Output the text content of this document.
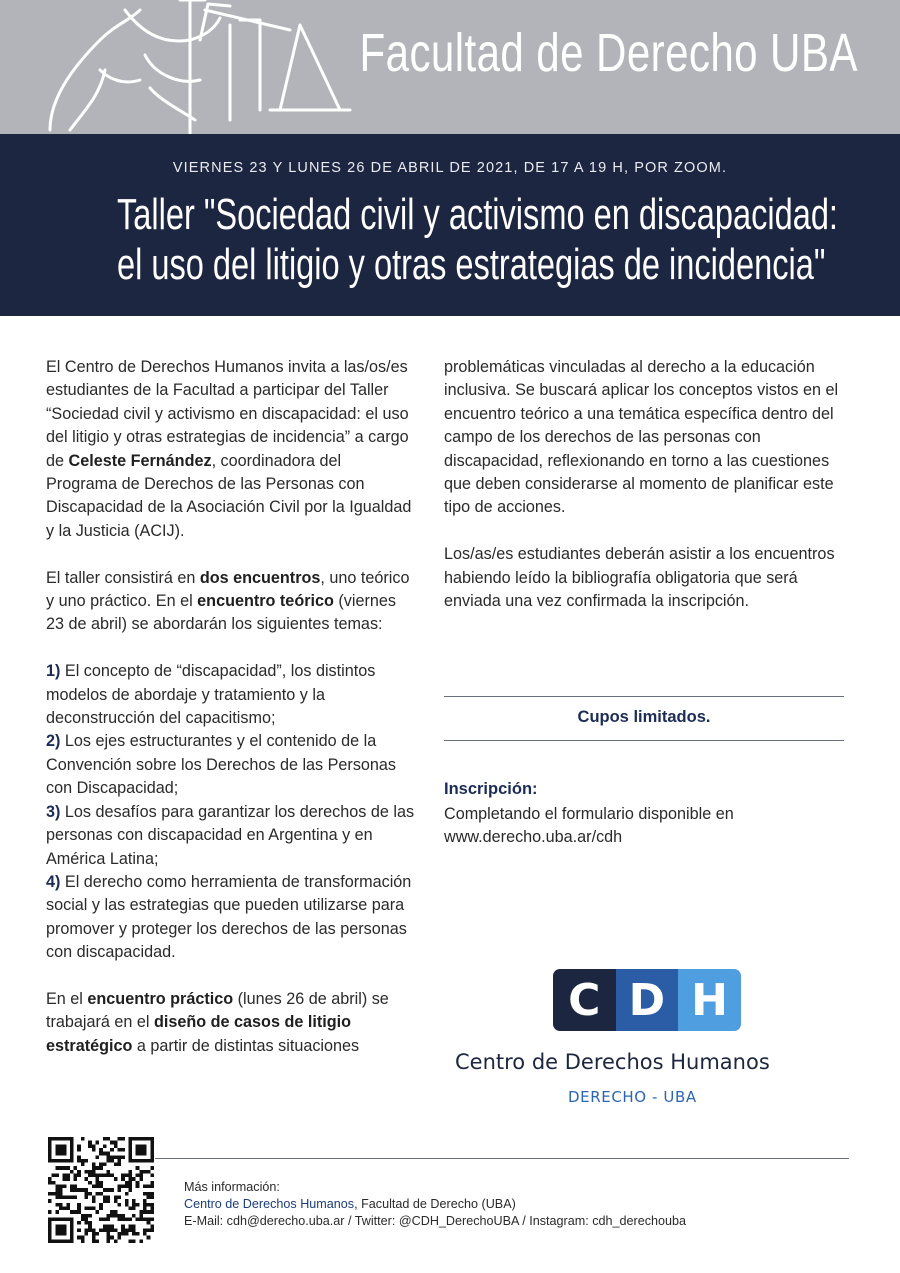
Facultad de Derecho UBA
VIERNES 23 Y LUNES 26 DE ABRIL DE 2021, DE 17 A 19 H, POR ZOOM.
Taller "Sociedad civil y activismo en discapacidad:
el uso del litigio y otras estrategias de incidencia"

El Centro de Derechos Humanos invita a las/os/es estudiantes de la Facultad a participar del Taller “Sociedad civil y activismo en discapacidad: el uso del litigio y otras estrategias de incidencia” a cargo de Celeste Fernández, coordinadora del Programa de Derechos de las Personas con Discapacidad de la Asociación Civil por la Igualdad y la Justicia (ACIJ).

El taller consistirá en dos encuentros, uno teórico y uno práctico. En el encuentro teórico (viernes 23 de abril) se abordarán los siguientes temas:

1) El concepto de “discapacidad”, los distintos modelos de abordaje y tratamiento y la deconstrucción del capacitismo;
2) Los ejes estructurantes y el contenido de la Convención sobre los Derechos de las Personas con Discapacidad;
3) Los desafíos para garantizar los derechos de las personas con discapacidad en Argentina y en América Latina;
4) El derecho como herramienta de transformación social y las estrategias que pueden utilizarse para promover y proteger los derechos de las personas con discapacidad.

En el encuentro práctico (lunes 26 de abril) se trabajará en el diseño de casos de litigio estratégico a partir de distintas situaciones

problemáticas vinculadas al derecho a la educación inclusiva. Se buscará aplicar los conceptos vistos en el encuentro teórico a una temática específica dentro del campo de los derechos de las personas con discapacidad, reflexionando en torno a las cuestiones que deben considerarse al momento de planificar este tipo de acciones.

Los/as/es estudiantes deberán asistir a los encuentros habiendo leído la bibliografía obligatoria que será enviada una vez confirmada la inscripción.

Cupos limitados.
Inscripción:
Completando el formulario disponible en
www.derecho.uba.ar/cdh
C D H
Centro de Derechos Humanos
DERECHO - UBA
Más información:
Centro de Derechos Humanos, Facultad de Derecho (UBA)
E-Mail: cdh@derecho.uba.ar / Twitter: @CDH_DerechoUBA / Instagram: cdh_derechouba
